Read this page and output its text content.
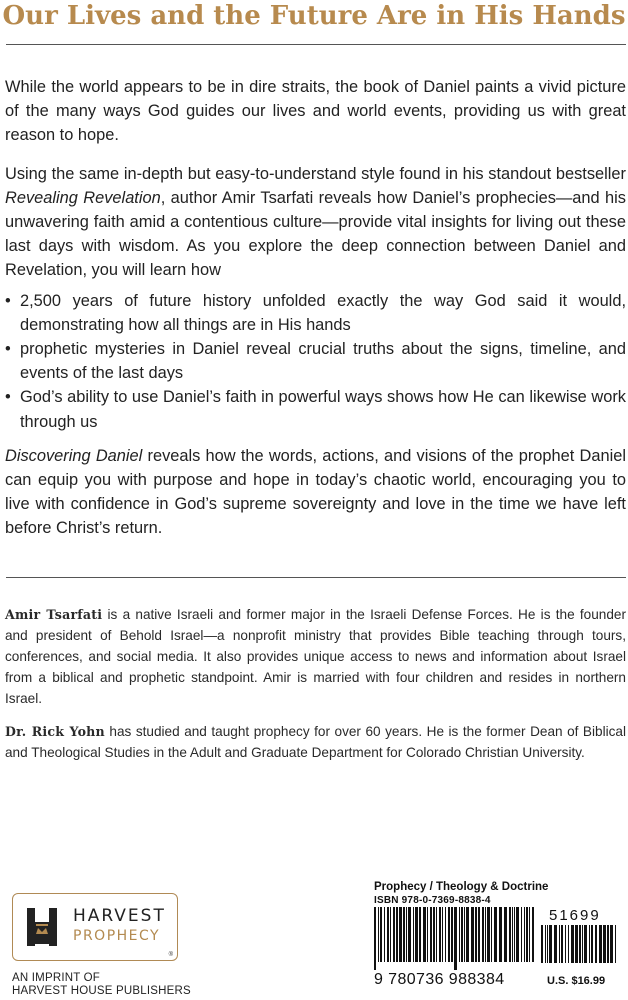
Our Lives and the Future Are in His Hands

While the world appears to be in dire straits, the book of Daniel paints a vivid picture of the many ways God guides our lives and world events, providing us with great reason to hope.

Using the same in-depth but easy-to-understand style found in his standout bestseller Revealing Revelation, author Amir Tsarfati reveals how Daniel’s prophecies—and his unwavering faith amid a contentious culture—provide vital insights for living out these last days with wisdom. As you explore the deep connection between Daniel and Revelation, you will learn how

• 2,500 years of future history unfolded exactly the way God said it would, demonstrating how all things are in His hands
• prophetic mysteries in Daniel reveal crucial truths about the signs, timeline, and events of the last days
• God’s ability to use Daniel’s faith in powerful ways shows how He can likewise work through us

Discovering Daniel reveals how the words, actions, and visions of the prophet Daniel can equip you with purpose and hope in today’s chaotic world, encouraging you to live with confidence in God’s supreme sovereignty and love in the time we have left before Christ’s return.

Amir Tsarfati is a native Israeli and former major in the Israeli Defense Forces. He is the founder and president of Behold Israel—a nonprofit ministry that provides Bible teaching through tours, conferences, and social media. It also provides unique access to news and information about Israel from a biblical and prophetic standpoint. Amir is married with four children and resides in northern Israel.

Dr. Rick Yohn has studied and taught prophecy for over 60 years. He is the former Dean of Biblical and Theological Studies in the Adult and Graduate Department for Colorado Christian University.

HARVEST
PROPHECY
®
AN IMPRINT OF
HARVEST HOUSE PUBLISHERS
Prophecy / Theology & Doctrine
ISBN 978-0-7369-8838-4
51699
9 780736 988384	U.S. $16.99
